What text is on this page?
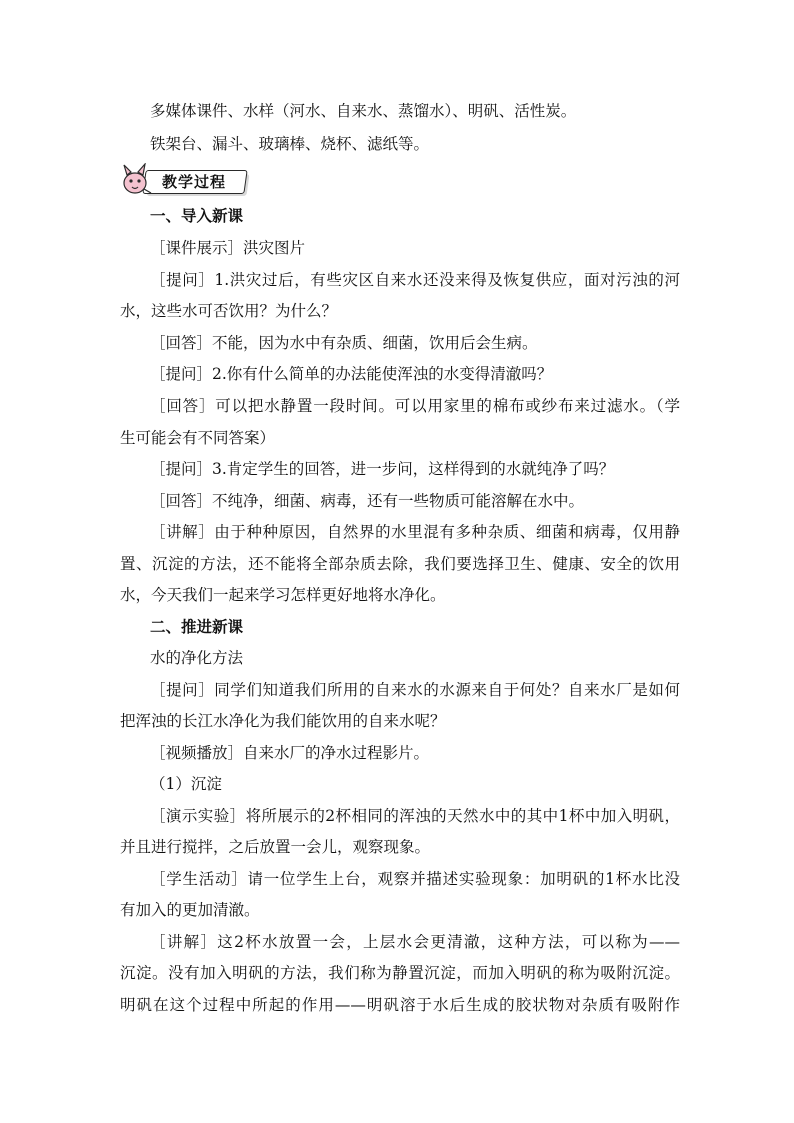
多媒体课件、水样（河水、自来水、蒸馏水）、明矾、活性炭。
铁架台、漏斗、玻璃棒、烧杯、滤纸等。
教学过程
一、导入新课
［课件展示］洪灾图片
［提问］1.洪灾过后，有些灾区自来水还没来得及恢复供应，面对污浊的河
水，这些水可否饮用？为什么？
［回答］不能，因为水中有杂质、细菌，饮用后会生病。
［提问］2.你有什么简单的办法能使浑浊的水变得清澈吗？
［回答］可以把水静置一段时间。可以用家里的棉布或纱布来过滤水。（学
生可能会有不同答案）
［提问］3.肯定学生的回答，进一步问，这样得到的水就纯净了吗？
［回答］不纯净，细菌、病毒，还有一些物质可能溶解在水中。
［讲解］由于种种原因，自然界的水里混有多种杂质、细菌和病毒，仅用静
置、沉淀的方法，还不能将全部杂质去除，我们要选择卫生、健康、安全的饮用
水，今天我们一起来学习怎样更好地将水净化。
二、推进新课
水的净化方法
［提问］同学们知道我们所用的自来水的水源来自于何处？自来水厂是如何
把浑浊的长江水净化为我们能饮用的自来水呢？
［视频播放］自来水厂的净水过程影片。
（1）沉淀
［演示实验］将所展示的2杯相同的浑浊的天然水中的其中1杯中加入明矾，
并且进行搅拌，之后放置一会儿，观察现象。
［学生活动］请一位学生上台，观察并描述实验现象：加明矾的1杯水比没
有加入的更加清澈。
［讲解］这2杯水放置一会，上层水会更清澈，这种方法，可以称为——
沉淀。没有加入明矾的方法，我们称为静置沉淀，而加入明矾的称为吸附沉淀。
明矾在这个过程中所起的作用——明矾溶于水后生成的胶状物对杂质有吸附作
